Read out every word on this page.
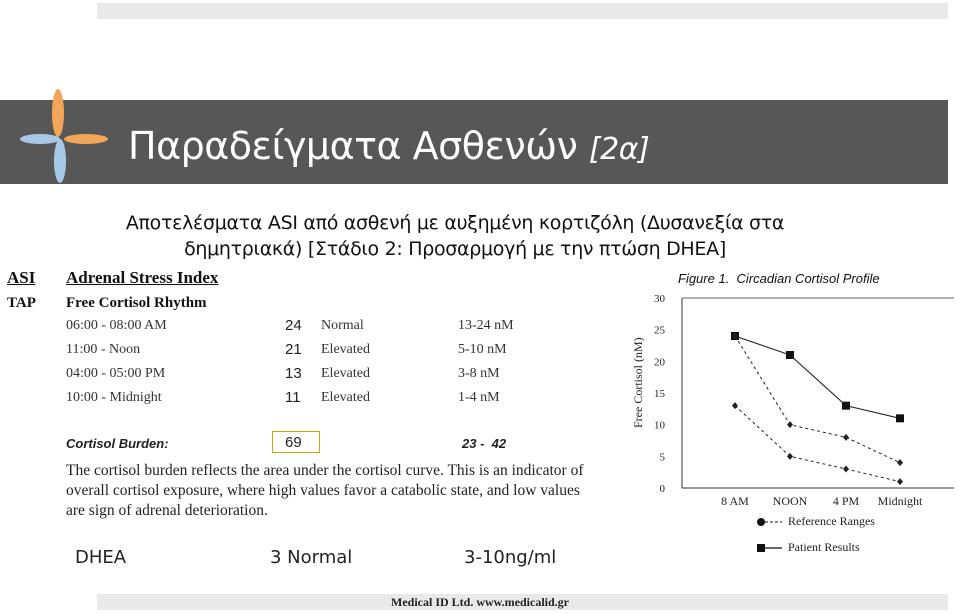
Παραδείγματα Ασθενών [2α]
Αποτελέσματα ASI από ασθενή με αυξημένη κορτιζόλη (Δυσανεξία στα
δημητριακά) [Στάδιο 2: Προσαρμογή με την πτώση DHEA]
ASI Adrenal Stress Index
TAP Free Cortisol Rhythm
06:00 - 08:00 AM	24 Normal	13-24 nM
11:00 - Noon	21 Elevated	5-10 nM
04:00 - 05:00 PM	13 Elevated	3-8 nM
10:00 - Midnight	11 Elevated	1-4 nM
Cortisol Burden:	69	23 -  42
The cortisol burden reflects the area under the cortisol curve. This is an indicator of overall cortisol exposure, where high values favor a catabolic state, and low values are sign of adrenal deterioration.
DHEA	3 Normal	3-10ng/ml
Figure 1.  Circadian Cortisol Profile
0
5
10
15
20
25
30
Free Cortisol (nM)
8 AM NOON 4 PM Midnight
Reference Ranges
Patient Results
Medical ID Ltd. www.medicalid.gr
